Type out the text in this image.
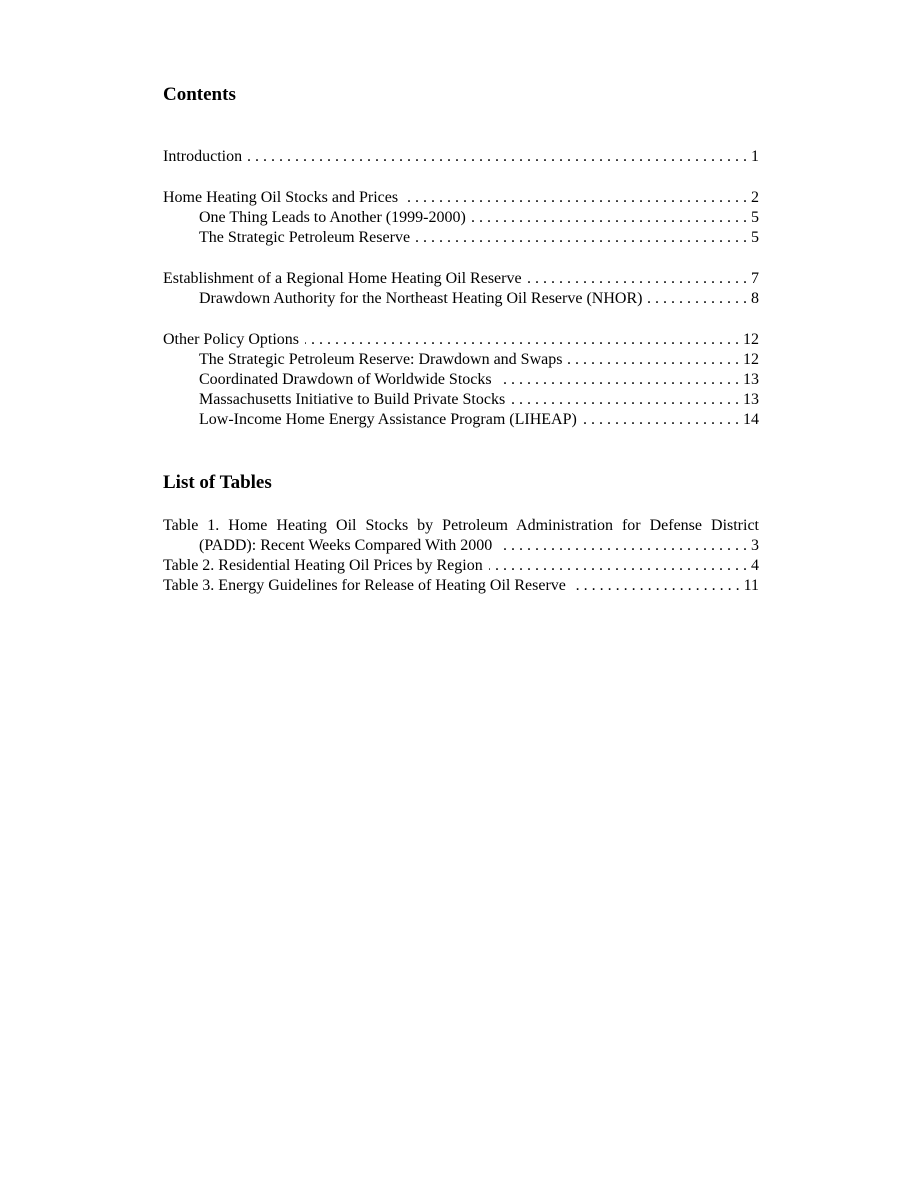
Contents
Introduction . . .	1
Home Heating Oil Stocks and Prices . . .	2
One Thing Leads to Another (1999-2000) . . .	5
The Strategic Petroleum Reserve . . .	5
Establishment of a Regional Home Heating Oil Reserve . . .	7
Drawdown Authority for the Northeast Heating Oil Reserve (NHOR) . . .	8
Other Policy Options . . .	12
The Strategic Petroleum Reserve: Drawdown and Swaps . . .	12
Coordinated Drawdown of Worldwide Stocks . . .	13
Massachusetts Initiative to Build Private Stocks . . .	13
Low-Income Home Energy Assistance Program (LIHEAP) . . .	14
List of Tables
Table 1. Home Heating Oil Stocks by Petroleum Administration for Defense District
(PADD): Recent Weeks Compared With 2000 . . .	3
Table 2. Residential Heating Oil Prices by Region . . .	4
Table 3. Energy Guidelines for Release of Heating Oil Reserve . . .	11
